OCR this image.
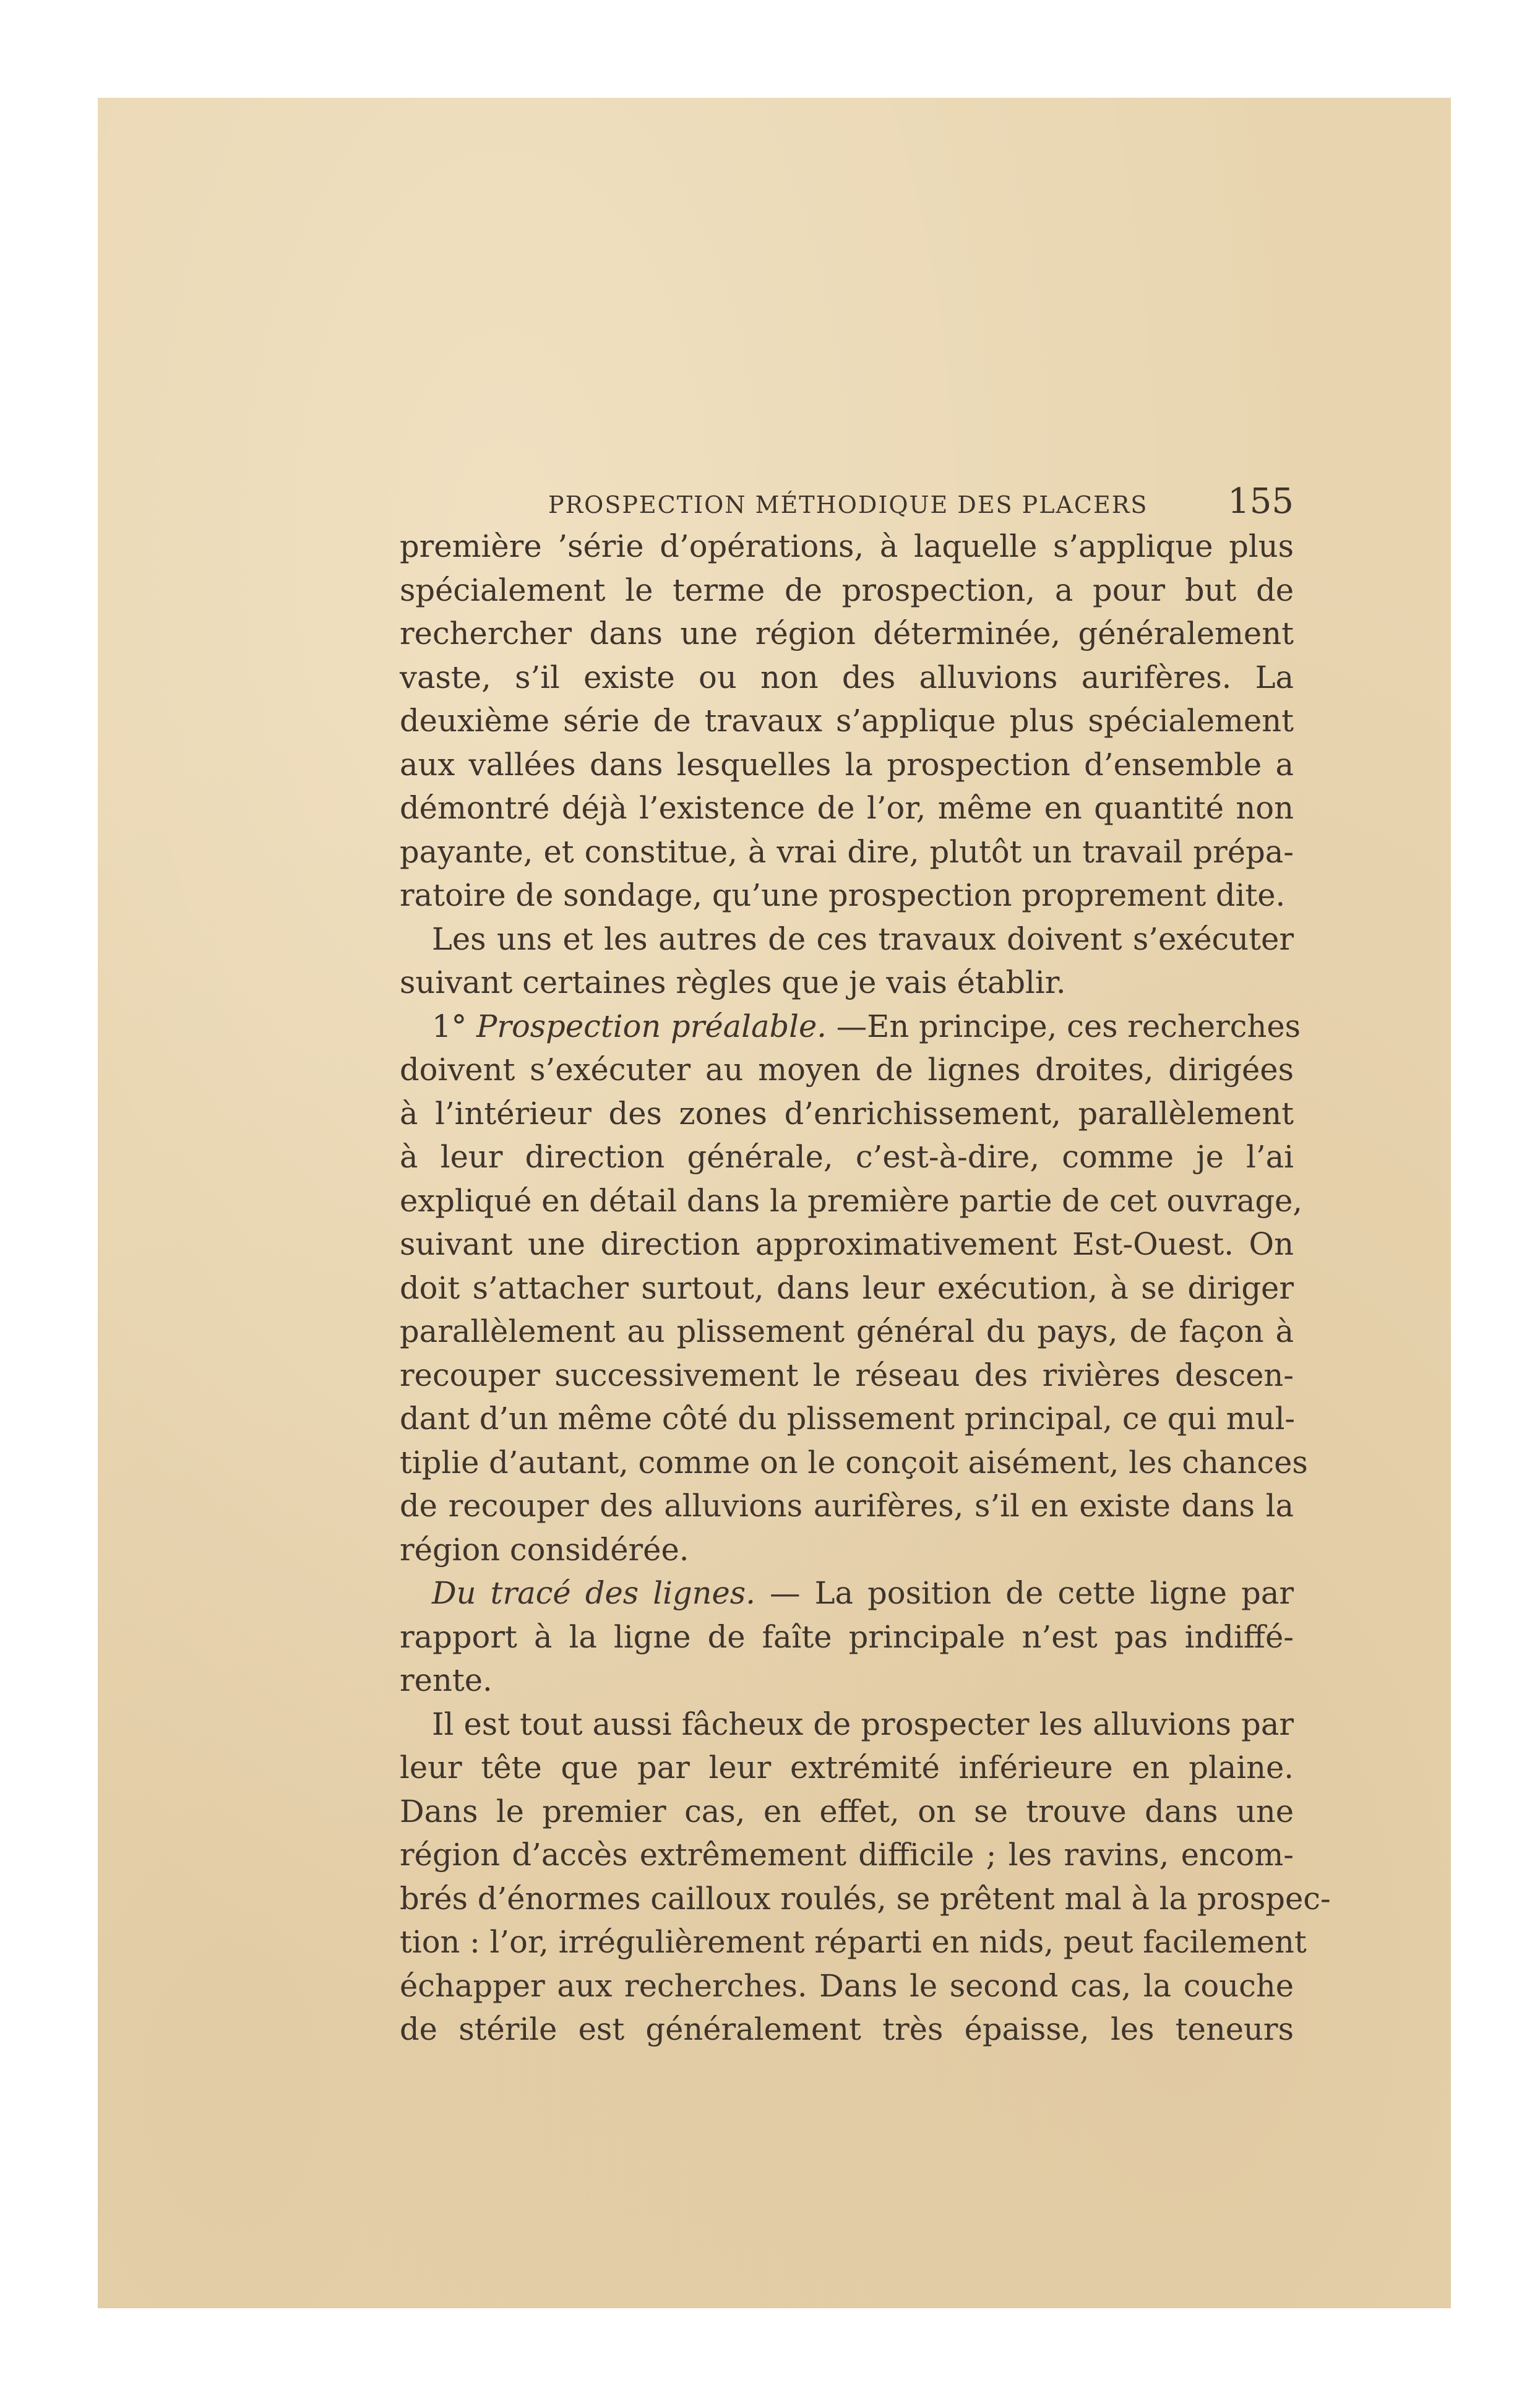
PROSPECTION MÉTHODIQUE DES PLACERS 155
première ’série d’opérations, à laquelle s’applique plus
spécialement le terme de prospection, a pour but de
rechercher dans une région déterminée, généralement
vaste, s’il existe ou non des alluvions aurifères. La
deuxième série de travaux s’applique plus spécialement
aux vallées dans lesquelles la prospection d’ensemble a
démontré déjà l’existence de l’or, même en quantité non
payante, et constitue, à vrai dire, plutôt un travail prépa-
ratoire de sondage, qu’une prospection proprement dite.
Les uns et les autres de ces travaux doivent s’exécuter
suivant certaines règles que je vais établir.
1° Prospection préalable. —En principe, ces recherches
doivent s’exécuter au moyen de lignes droites, dirigées
à l’intérieur des zones d’enrichissement, parallèlement
à leur direction générale, c’est-à-dire, comme je l’ai
expliqué en détail dans la première partie de cet ouvrage,
suivant une direction approximativement Est-Ouest. On
doit s’attacher surtout, dans leur exécution, à se diriger
parallèlement au plissement général du pays, de façon à
recouper successivement le réseau des rivières descen-
dant d’un même côté du plissement principal, ce qui mul-
tiplie d’autant, comme on le conçoit aisément, les chances
de recouper des alluvions aurifères, s’il en existe dans la
région considérée.
Du tracé des lignes. — La position de cette ligne par
rapport à la ligne de faîte principale n’est pas indiffé-
rente.
Il est tout aussi fâcheux de prospecter les alluvions par
leur tête que par leur extrémité inférieure en plaine.
Dans le premier cas, en effet, on se trouve dans une
région d’accès extrêmement difficile ; les ravins, encom-
brés d’énormes cailloux roulés, se prêtent mal à la prospec-
tion : l’or, irrégulièrement réparti en nids, peut facilement
échapper aux recherches. Dans le second cas, la couche
de stérile est généralement très épaisse, les teneurs
